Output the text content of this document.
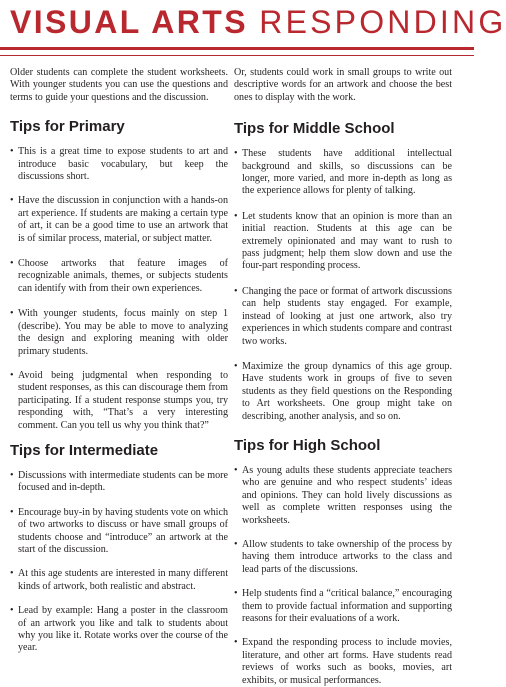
VISUAL ARTS RESPONDING

Older students can complete the student worksheets. With younger students you can use the questions and terms to guide your questions and the discussion.

Tips for Primary

• This is a great time to expose students to art and introduce basic vocabulary, but keep the discussions short.

• Have the discussion in conjunction with a hands-on art experience. If students are making a certain type of art, it can be a good time to use an artwork that is of similar process, material, or subject matter.

• Choose artworks that feature images of recognizable animals, themes, or subjects students can identify with from their own experiences.

• With younger students, focus mainly on step 1 (describe). You may be able to move to analyzing the design and exploring meaning with older primary students.

• Avoid being judgmental when responding to student responses, as this can discourage them from participating. If a student response stumps you, try responding with, “That’s a very interesting comment. Can you tell us why you think that?”

Tips for Intermediate

• Discussions with intermediate students can be more focused and in-depth.

• Encourage buy-in by having students vote on which of two artworks to discuss or have small groups of students choose and “introduce” an artwork at the start of the discussion.

• At this age students are interested in many different kinds of artwork, both realistic and abstract.

• Lead by example: Hang a poster in the classroom of an artwork you like and talk to students about why you like it. Rotate works over the course of the year.

Or, students could work in small groups to write out descriptive words for an artwork and choose the best ones to display with the work.

Tips for Middle School

• These students have additional intellectual background and skills, so discussions can be longer, more varied, and more in-depth as long as the experience allows for plenty of talking.

• Let students know that an opinion is more than an initial reaction. Students at this age can be extremely opinionated and may want to rush to pass judgment; help them slow down and use the four-part responding process.

• Changing the pace or format of artwork discussions can help students stay engaged. For example, instead of looking at just one artwork, also try experiences in which students compare and contrast two works.

• Maximize the group dynamics of this age group. Have students work in groups of five to seven students as they field questions on the Responding to Art worksheets. One group might take on describing, another analysis, and so on.

Tips for High School

• As young adults these students appreciate teachers who are genuine and who respect students’ ideas and opinions. They can hold lively discussions as well as complete written responses using the worksheets.

• Allow students to take ownership of the process by having them introduce artworks to the class and lead parts of the discussions.

• Help students find a “critical balance,” encouraging them to provide factual information and supporting reasons for their evaluations of a work.

• Expand the responding process to include movies, literature, and other art forms. Have students read reviews of works such as books, movies, art exhibits, or musical performances.
